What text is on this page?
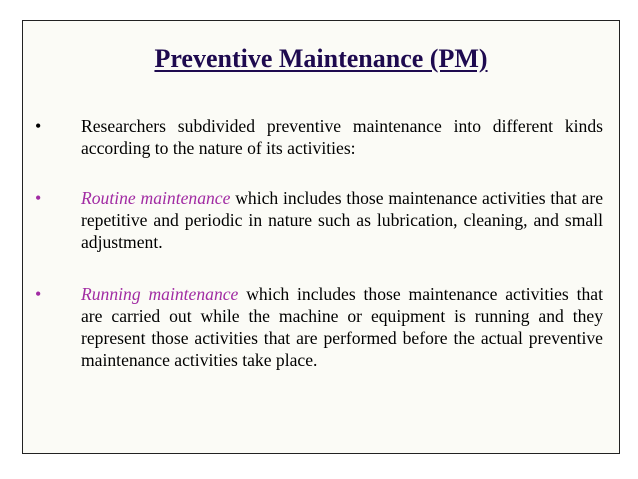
Preventive Maintenance (PM)
• Researchers subdivided preventive maintenance into different kinds according to the nature of its activities:
• Routine maintenance which includes those maintenance activities that are repetitive and periodic in nature such as lubrication, cleaning, and small adjustment.
• Running maintenance which includes those maintenance activities that are carried out while the machine or equipment is running and they represent those activities that are performed before the actual preventive maintenance activities take place.
